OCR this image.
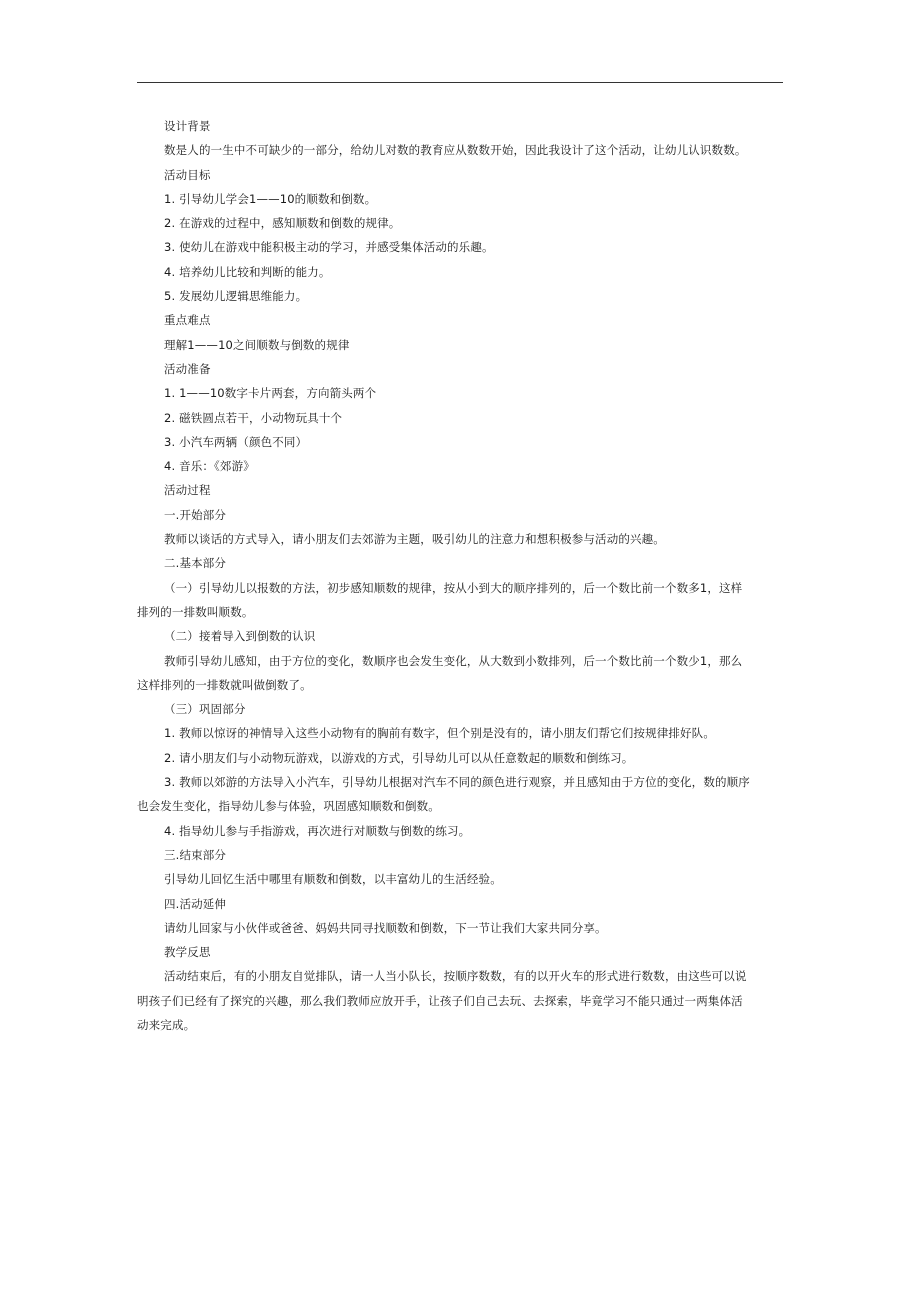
设计背景

数是人的一生中不可缺少的一部分，给幼儿对数的教育应从数数开始，因此我设计了这个活动，让幼儿认识数数。

活动目标

1. 引导幼儿学会1——10的顺数和倒数。

2. 在游戏的过程中，感知顺数和倒数的规律。

3. 使幼儿在游戏中能积极主动的学习，并感受集体活动的乐趣。

4. 培养幼儿比较和判断的能力。

5. 发展幼儿逻辑思维能力。

重点难点

理解1——10之间顺数与倒数的规律

活动准备

1. 1——10数字卡片两套，方向箭头两个

2. 磁铁圆点若干，小动物玩具十个

3. 小汽车两辆（颜色不同）

4. 音乐：《郊游》

活动过程

一.开始部分

教师以谈话的方式导入，请小朋友们去郊游为主题，吸引幼儿的注意力和想积极参与活动的兴趣。

二.基本部分

（一）引导幼儿以报数的方法，初步感知顺数的规律，按从小到大的顺序排列的，后一个数比前一个数多1，这样

排列的一排数叫顺数。

（二）接着导入到倒数的认识

教师引导幼儿感知，由于方位的变化，数顺序也会发生变化，从大数到小数排列，后一个数比前一个数少1，那么

这样排列的一排数就叫做倒数了。

（三）巩固部分

1. 教师以惊讶的神情导入这些小动物有的胸前有数字，但个别是没有的，请小朋友们帮它们按规律排好队。

2. 请小朋友们与小动物玩游戏，以游戏的方式，引导幼儿可以从任意数起的顺数和倒练习。

3. 教师以郊游的方法导入小汽车，引导幼儿根据对汽车不同的颜色进行观察，并且感知由于方位的变化，数的顺序

也会发生变化，指导幼儿参与体验，巩固感知顺数和倒数。

4. 指导幼儿参与手指游戏，再次进行对顺数与倒数的练习。

三.结束部分

引导幼儿回忆生活中哪里有顺数和倒数，以丰富幼儿的生活经验。

四.活动延伸

请幼儿回家与小伙伴或爸爸、妈妈共同寻找顺数和倒数，下一节让我们大家共同分享。

教学反思

活动结束后，有的小朋友自觉排队，请一人当小队长，按顺序数数，有的以开火车的形式进行数数，由这些可以说

明孩子们已经有了探究的兴趣，那么我们教师应放开手，让孩子们自己去玩、去探索，毕竟学习不能只通过一两集体活

动来完成。
